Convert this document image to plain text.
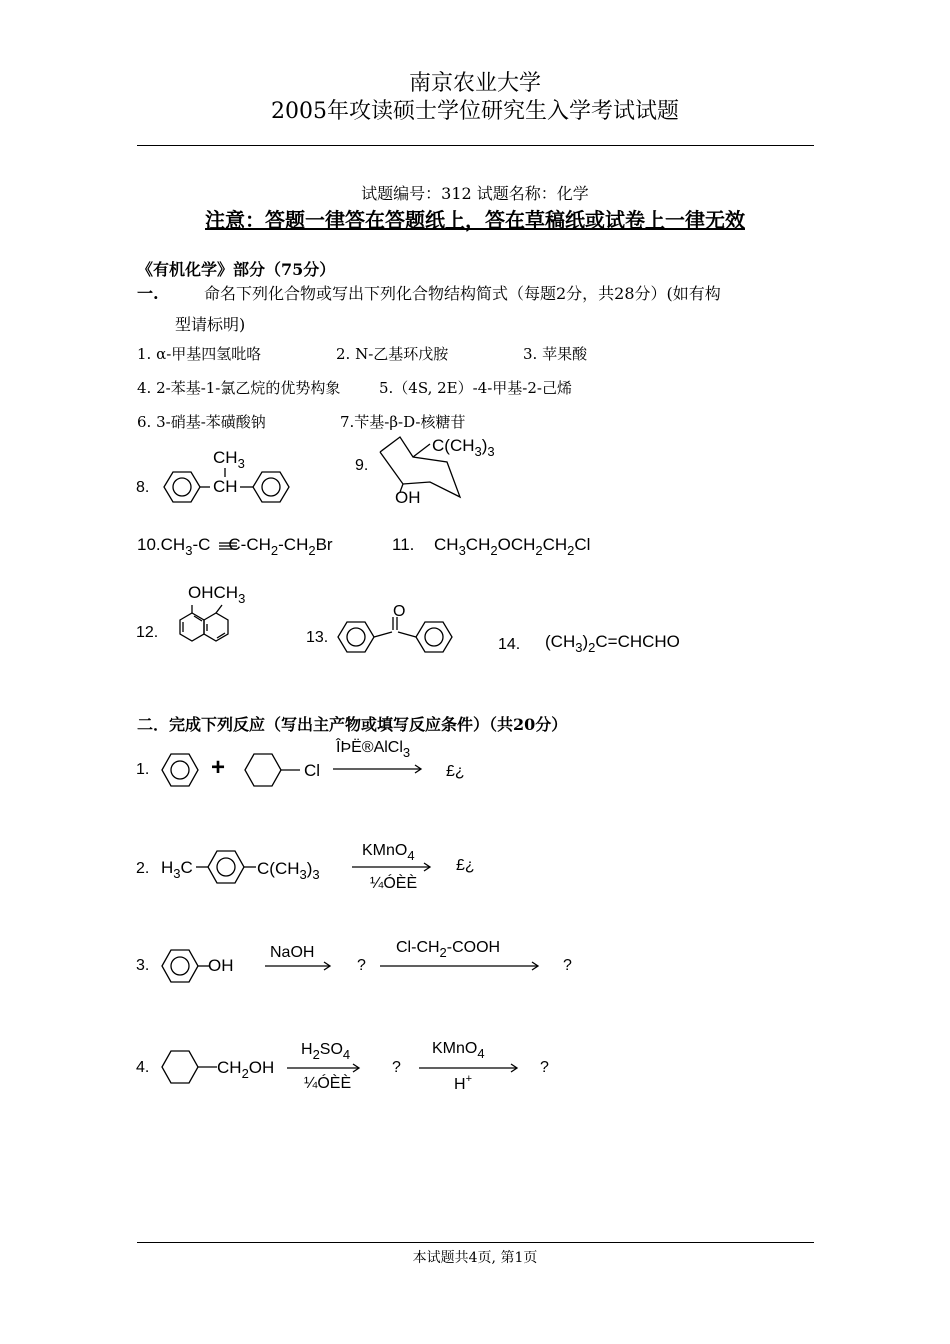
南京农业大学
2005年攻读硕士学位研究生入学考试试题
试题编号：312 试题名称：化学
注意：答题一律答在答题纸上，答在草稿纸或试卷上一律无效
《有机化学》部分（75分）
一.	命名下列化合物或写出下列化合物结构简式（每题2分，共28分）(如有构
型请标明)
1. α-甲基四氢吡咯	2. N-乙基环戊胺	3. 苹果酸
4. 2-苯基-1-氯乙烷的优势构象	5.（4S, 2E）-4-甲基-2-己烯
6. 3-硝基-苯磺酸钠	7.苄基-β-D-核糖苷
8.
$CH_3$
CH
9.
$C(CH_3)_3$
OH
$10.CH_3-C$ $C-CH_2-CH_2Br$	11. $CH_3CH_2OCH_2CH_2Cl$
12.
$OHCH_3$
13.
O
14. $(CH_3)_2C=CHCHO$
二．完成下列反应（写出主产物或填写反应条件）（共20分）
1.	+	Cl
ÎÞË®AlCl$_3$
£¿
2. $H_3C$	$C(CH_3)_3$
KMnO$_4$
¼ÓÈÈ
£¿
3.	OH
NaOH
?
$Cl-CH_2$-COOH
?
4.	$CH_2OH$
$H_2SO_4$
¼ÓÈÈ
?
KMnO$_4$
H+
?
本试题共4页, 第1页
